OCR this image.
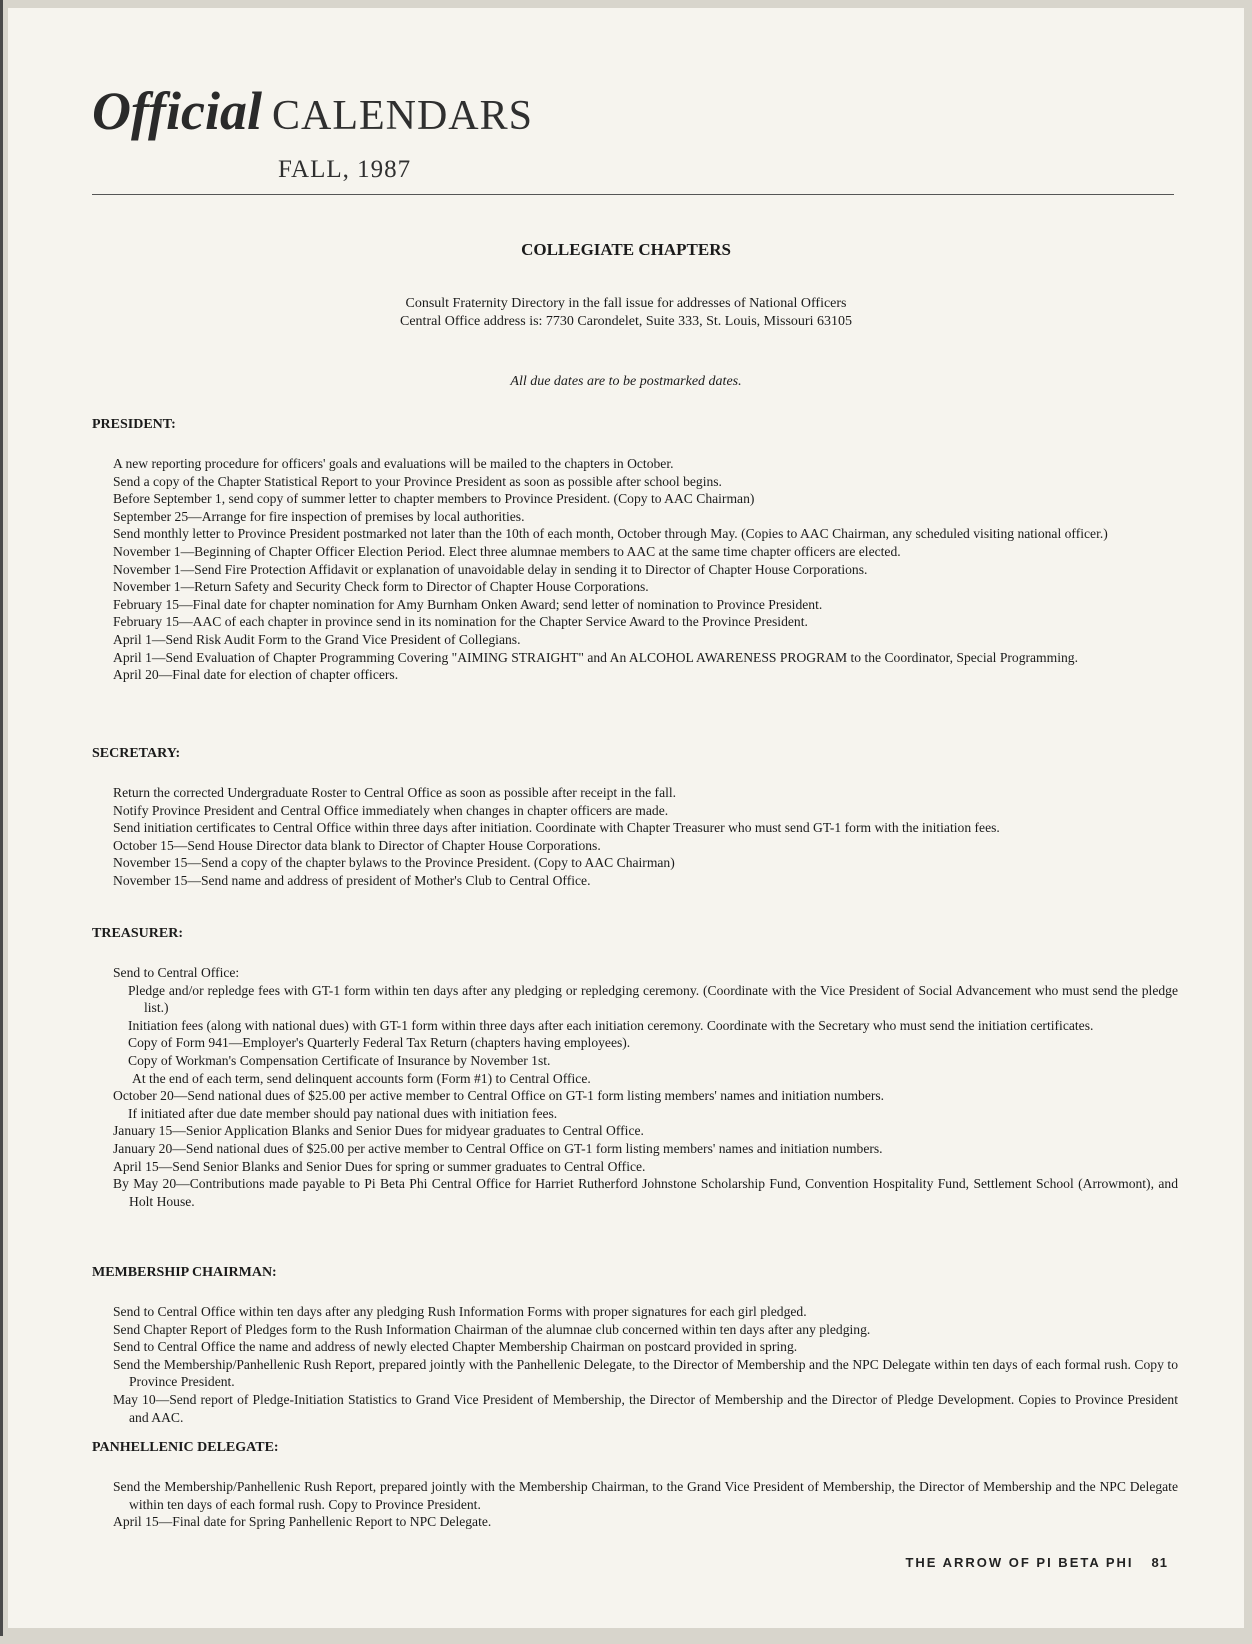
Official CALENDARS
FALL, 1987
COLLEGIATE CHAPTERS
Consult Fraternity Directory in the fall issue for addresses of National Officers
Central Office address is: 7730 Carondelet, Suite 333, St. Louis, Missouri 63105
All due dates are to be postmarked dates.
PRESIDENT:
A new reporting procedure for officers' goals and evaluations will be mailed to the chapters in October.
Send a copy of the Chapter Statistical Report to your Province President as soon as possible after school begins.
Before September 1, send copy of summer letter to chapter members to Province President. (Copy to AAC Chairman)
September 25—Arrange for fire inspection of premises by local authorities.
Send monthly letter to Province President postmarked not later than the 10th of each month, October through May. (Copies to AAC Chairman, any scheduled visiting national officer.)
November 1—Beginning of Chapter Officer Election Period. Elect three alumnae members to AAC at the same time chapter officers are elected.
November 1—Send Fire Protection Affidavit or explanation of unavoidable delay in sending it to Director of Chapter House Corporations.
November 1—Return Safety and Security Check form to Director of Chapter House Corporations.
February 15—Final date for chapter nomination for Amy Burnham Onken Award; send letter of nomination to Province President.
February 15—AAC of each chapter in province send in its nomination for the Chapter Service Award to the Province President.
April 1—Send Risk Audit Form to the Grand Vice President of Collegians.
April 1—Send Evaluation of Chapter Programming Covering "AIMING STRAIGHT" and An ALCOHOL AWARENESS PROGRAM to the Coordinator, Special Programming.
April 20—Final date for election of chapter officers.
SECRETARY:
Return the corrected Undergraduate Roster to Central Office as soon as possible after receipt in the fall.
Notify Province President and Central Office immediately when changes in chapter officers are made.
Send initiation certificates to Central Office within three days after initiation. Coordinate with Chapter Treasurer who must send GT-1 form with the initiation fees.
October 15—Send House Director data blank to Director of Chapter House Corporations.
November 15—Send a copy of the chapter bylaws to the Province President. (Copy to AAC Chairman)
November 15—Send name and address of president of Mother's Club to Central Office.
TREASURER:
Send to Central Office:
Pledge and/or repledge fees with GT-1 form within ten days after any pledging or repledging ceremony. (Coordinate with the Vice President of Social Advancement who must send the pledge list.)
Initiation fees (along with national dues) with GT-1 form within three days after each initiation ceremony. Coordinate with the Secretary who must send the initiation certificates.
Copy of Form 941—Employer's Quarterly Federal Tax Return (chapters having employees).
Copy of Workman's Compensation Certificate of Insurance by November 1st.
At the end of each term, send delinquent accounts form (Form #1) to Central Office.
October 20—Send national dues of $25.00 per active member to Central Office on GT-1 form listing members' names and initiation numbers.
If initiated after due date member should pay national dues with initiation fees.
January 15—Senior Application Blanks and Senior Dues for midyear graduates to Central Office.
January 20—Send national dues of $25.00 per active member to Central Office on GT-1 form listing members' names and initiation numbers.
April 15—Send Senior Blanks and Senior Dues for spring or summer graduates to Central Office.
By May 20—Contributions made payable to Pi Beta Phi Central Office for Harriet Rutherford Johnstone Scholarship Fund, Convention Hospitality Fund, Settlement School (Arrowmont), and Holt House.
MEMBERSHIP CHAIRMAN:
Send to Central Office within ten days after any pledging Rush Information Forms with proper signatures for each girl pledged.
Send Chapter Report of Pledges form to the Rush Information Chairman of the alumnae club concerned within ten days after any pledging.
Send to Central Office the name and address of newly elected Chapter Membership Chairman on postcard provided in spring.
Send the Membership/Panhellenic Rush Report, prepared jointly with the Panhellenic Delegate, to the Director of Membership and the NPC Delegate within ten days of each formal rush. Copy to Province President.
May 10—Send report of Pledge-Initiation Statistics to Grand Vice President of Membership, the Director of Membership and the Director of Pledge Development. Copies to Province President and AAC.
PANHELLENIC DELEGATE:
Send the Membership/Panhellenic Rush Report, prepared jointly with the Membership Chairman, to the Grand Vice President of Membership, the Director of Membership and the NPC Delegate within ten days of each formal rush. Copy to Province President.
April 15—Final date for Spring Panhellenic Report to NPC Delegate.
THE ARROW OF PI BETA PHI 81
